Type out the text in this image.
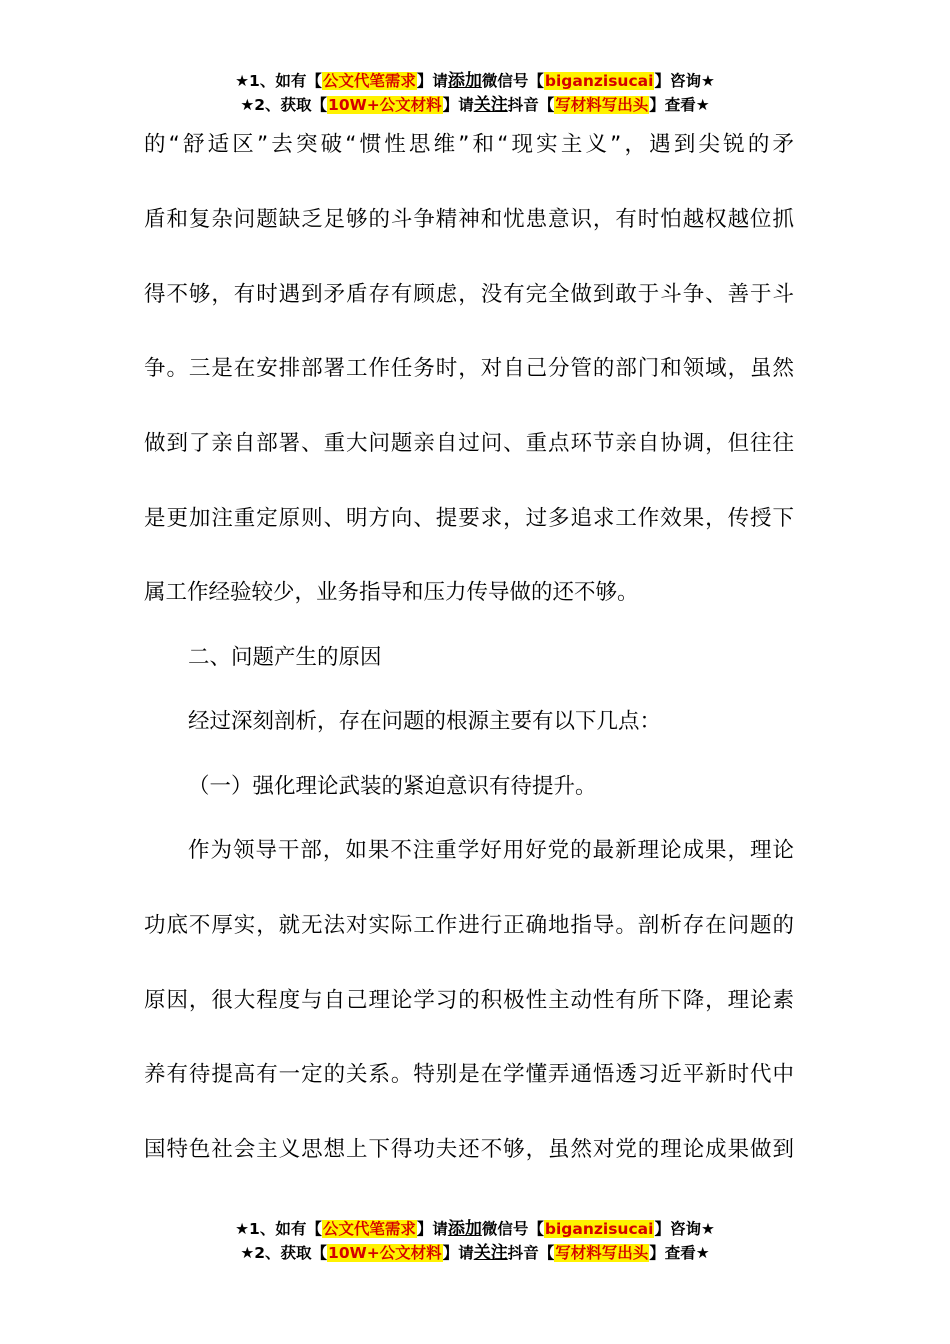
★1、如有【公文代笔需求】请添加微信号【biganzisucai】咨询★
★2、获取【10W+公文材料】请关注抖音【写材料写出头】查看★
的“舒适区”去突破“惯性思维”和“现实主义”，遇到尖锐的矛
盾和复杂问题缺乏足够的斗争精神和忧患意识，有时怕越权越位抓
得不够，有时遇到矛盾存有顾虑，没有完全做到敢于斗争、善于斗
争。三是在安排部署工作任务时，对自己分管的部门和领域，虽然
做到了亲自部署、重大问题亲自过问、重点环节亲自协调，但往往
是更加注重定原则、明方向、提要求，过多追求工作效果，传授下
属工作经验较少，业务指导和压力传导做的还不够。
二、问题产生的原因
经过深刻剖析，存在问题的根源主要有以下几点：
（一）强化理论武装的紧迫意识有待提升。
作为领导干部，如果不注重学好用好党的最新理论成果，理论
功底不厚实，就无法对实际工作进行正确地指导。剖析存在问题的
原因，很大程度与自己理论学习的积极性主动性有所下降，理论素
养有待提高有一定的关系。特别是在学懂弄通悟透习近平新时代中
国特色社会主义思想上下得功夫还不够，虽然对党的理论成果做到
★1、如有【公文代笔需求】请添加微信号【biganzisucai】咨询★
★2、获取【10W+公文材料】请关注抖音【写材料写出头】查看★
